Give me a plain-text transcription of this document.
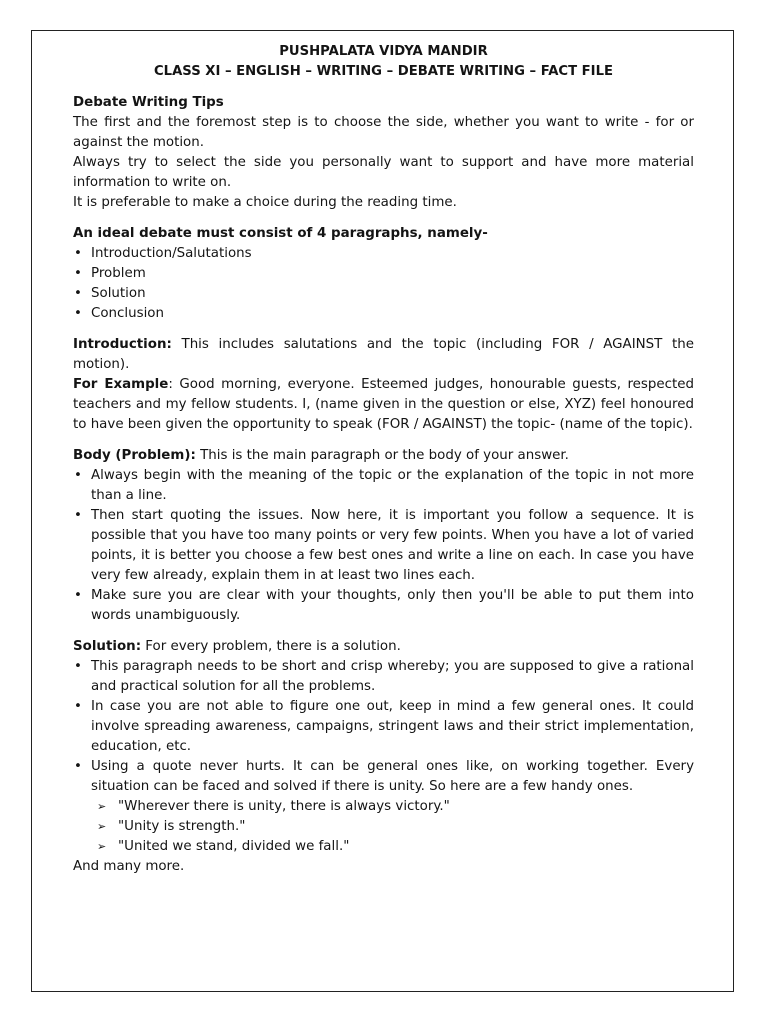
PUSHPALATA VIDYA MANDIR
CLASS XI – ENGLISH – WRITING – DEBATE WRITING – FACT FILE

Debate Writing Tips

The first and the foremost step is to choose the side, whether you want to write - for or against the motion.

Always try to select the side you personally want to support and have more material information to write on.

It is preferable to make a choice during the reading time.

An ideal debate must consist of 4 paragraphs, namely-

• Introduction/Salutations
• Problem
• Solution
• Conclusion

Introduction: This includes salutations and the topic (including FOR / AGAINST the motion).

For Example: Good morning, everyone. Esteemed judges, honourable guests, respected teachers and my fellow students. I, (name given in the question or else, XYZ) feel honoured to have been given the opportunity to speak (FOR / AGAINST) the topic- (name of the topic).

Body (Problem): This is the main paragraph or the body of your answer.

• Always begin with the meaning of the topic or the explanation of the topic in not more than a line.
• Then start quoting the issues. Now here, it is important you follow a sequence. It is possible that you have too many points or very few points. When you have a lot of varied points, it is better you choose a few best ones and write a line on each. In case you have very few already, explain them in at least two lines each.
• Make sure you are clear with your thoughts, only then you'll be able to put them into words unambiguously.

Solution: For every problem, there is a solution.

• This paragraph needs to be short and crisp whereby; you are supposed to give a rational and practical solution for all the problems.
• In case you are not able to figure one out, keep in mind a few general ones. It could involve spreading awareness, campaigns, stringent laws and their strict implementation, education, etc.
• Using a quote never hurts. It can be general ones like, on working together. Every situation can be faced and solved if there is unity. So here are a few handy ones.
➢ "Wherever there is unity, there is always victory."
➢ "Unity is strength."
➢ "United we stand, divided we fall."

And many more.
